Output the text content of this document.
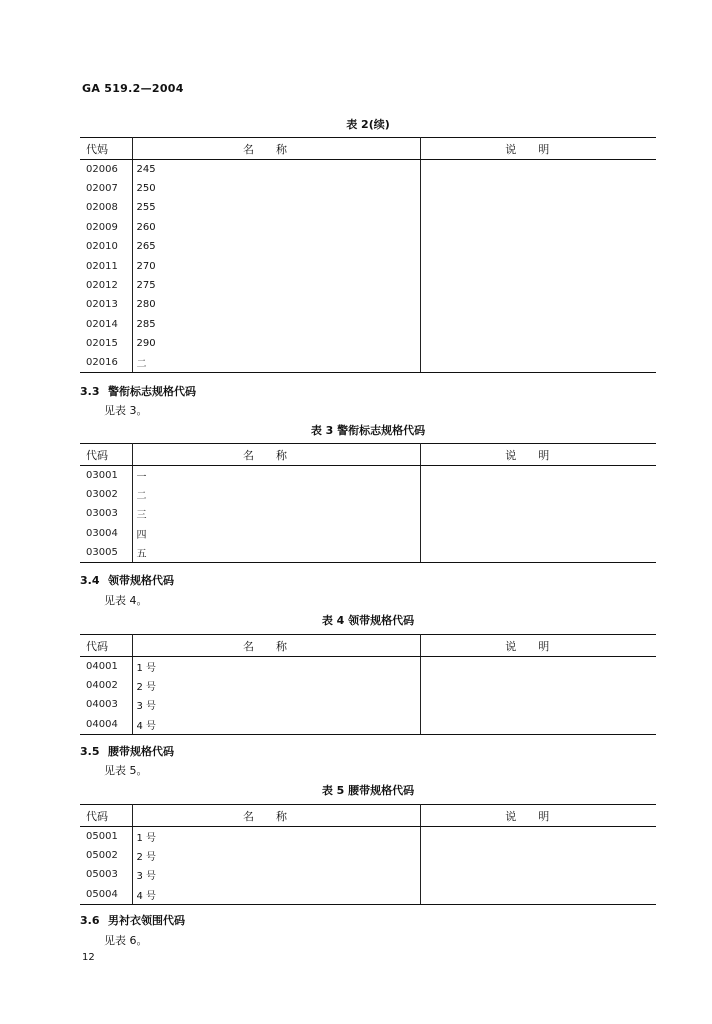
GA 519.2—2004
表 2(续)
代妈	名称	说明
02006	245	
02007	250	
02008	255	
02009	260	
02010	265	
02011	270	
02012	275	
02013	280	
02014	285	
02015	290	
02016	二	
3.3 警衔标志规格代码
见表 3。
表 3 警衔标志规格代码
代码	名称	说明
03001	一	
03002	二	
03003	三	
03004	四	
03005	五	
3.4 领带规格代码
见表 4。
表 4 领带规格代码
代码	名称	说明
04001	1 号	
04002	2 号	
04003	3 号	
04004	4 号	
3.5 腰带规格代码
见表 5。
表 5 腰带规格代码
代码	名称	说明
05001	1 号	
05002	2 号	
05003	3 号	
05004	4 号	
3.6 男衬衣领围代码
见表 6。
12
